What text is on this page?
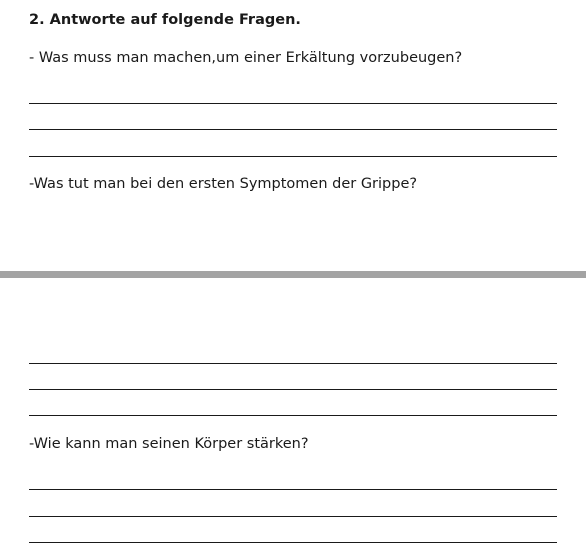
2. Antworte auf folgende Fragen.
- Was muss man machen,um einer Erkältung vorzubeugen?
-Was tut man bei den ersten Symptomen der Grippe?
-Wie kann man seinen Körper stärken?
